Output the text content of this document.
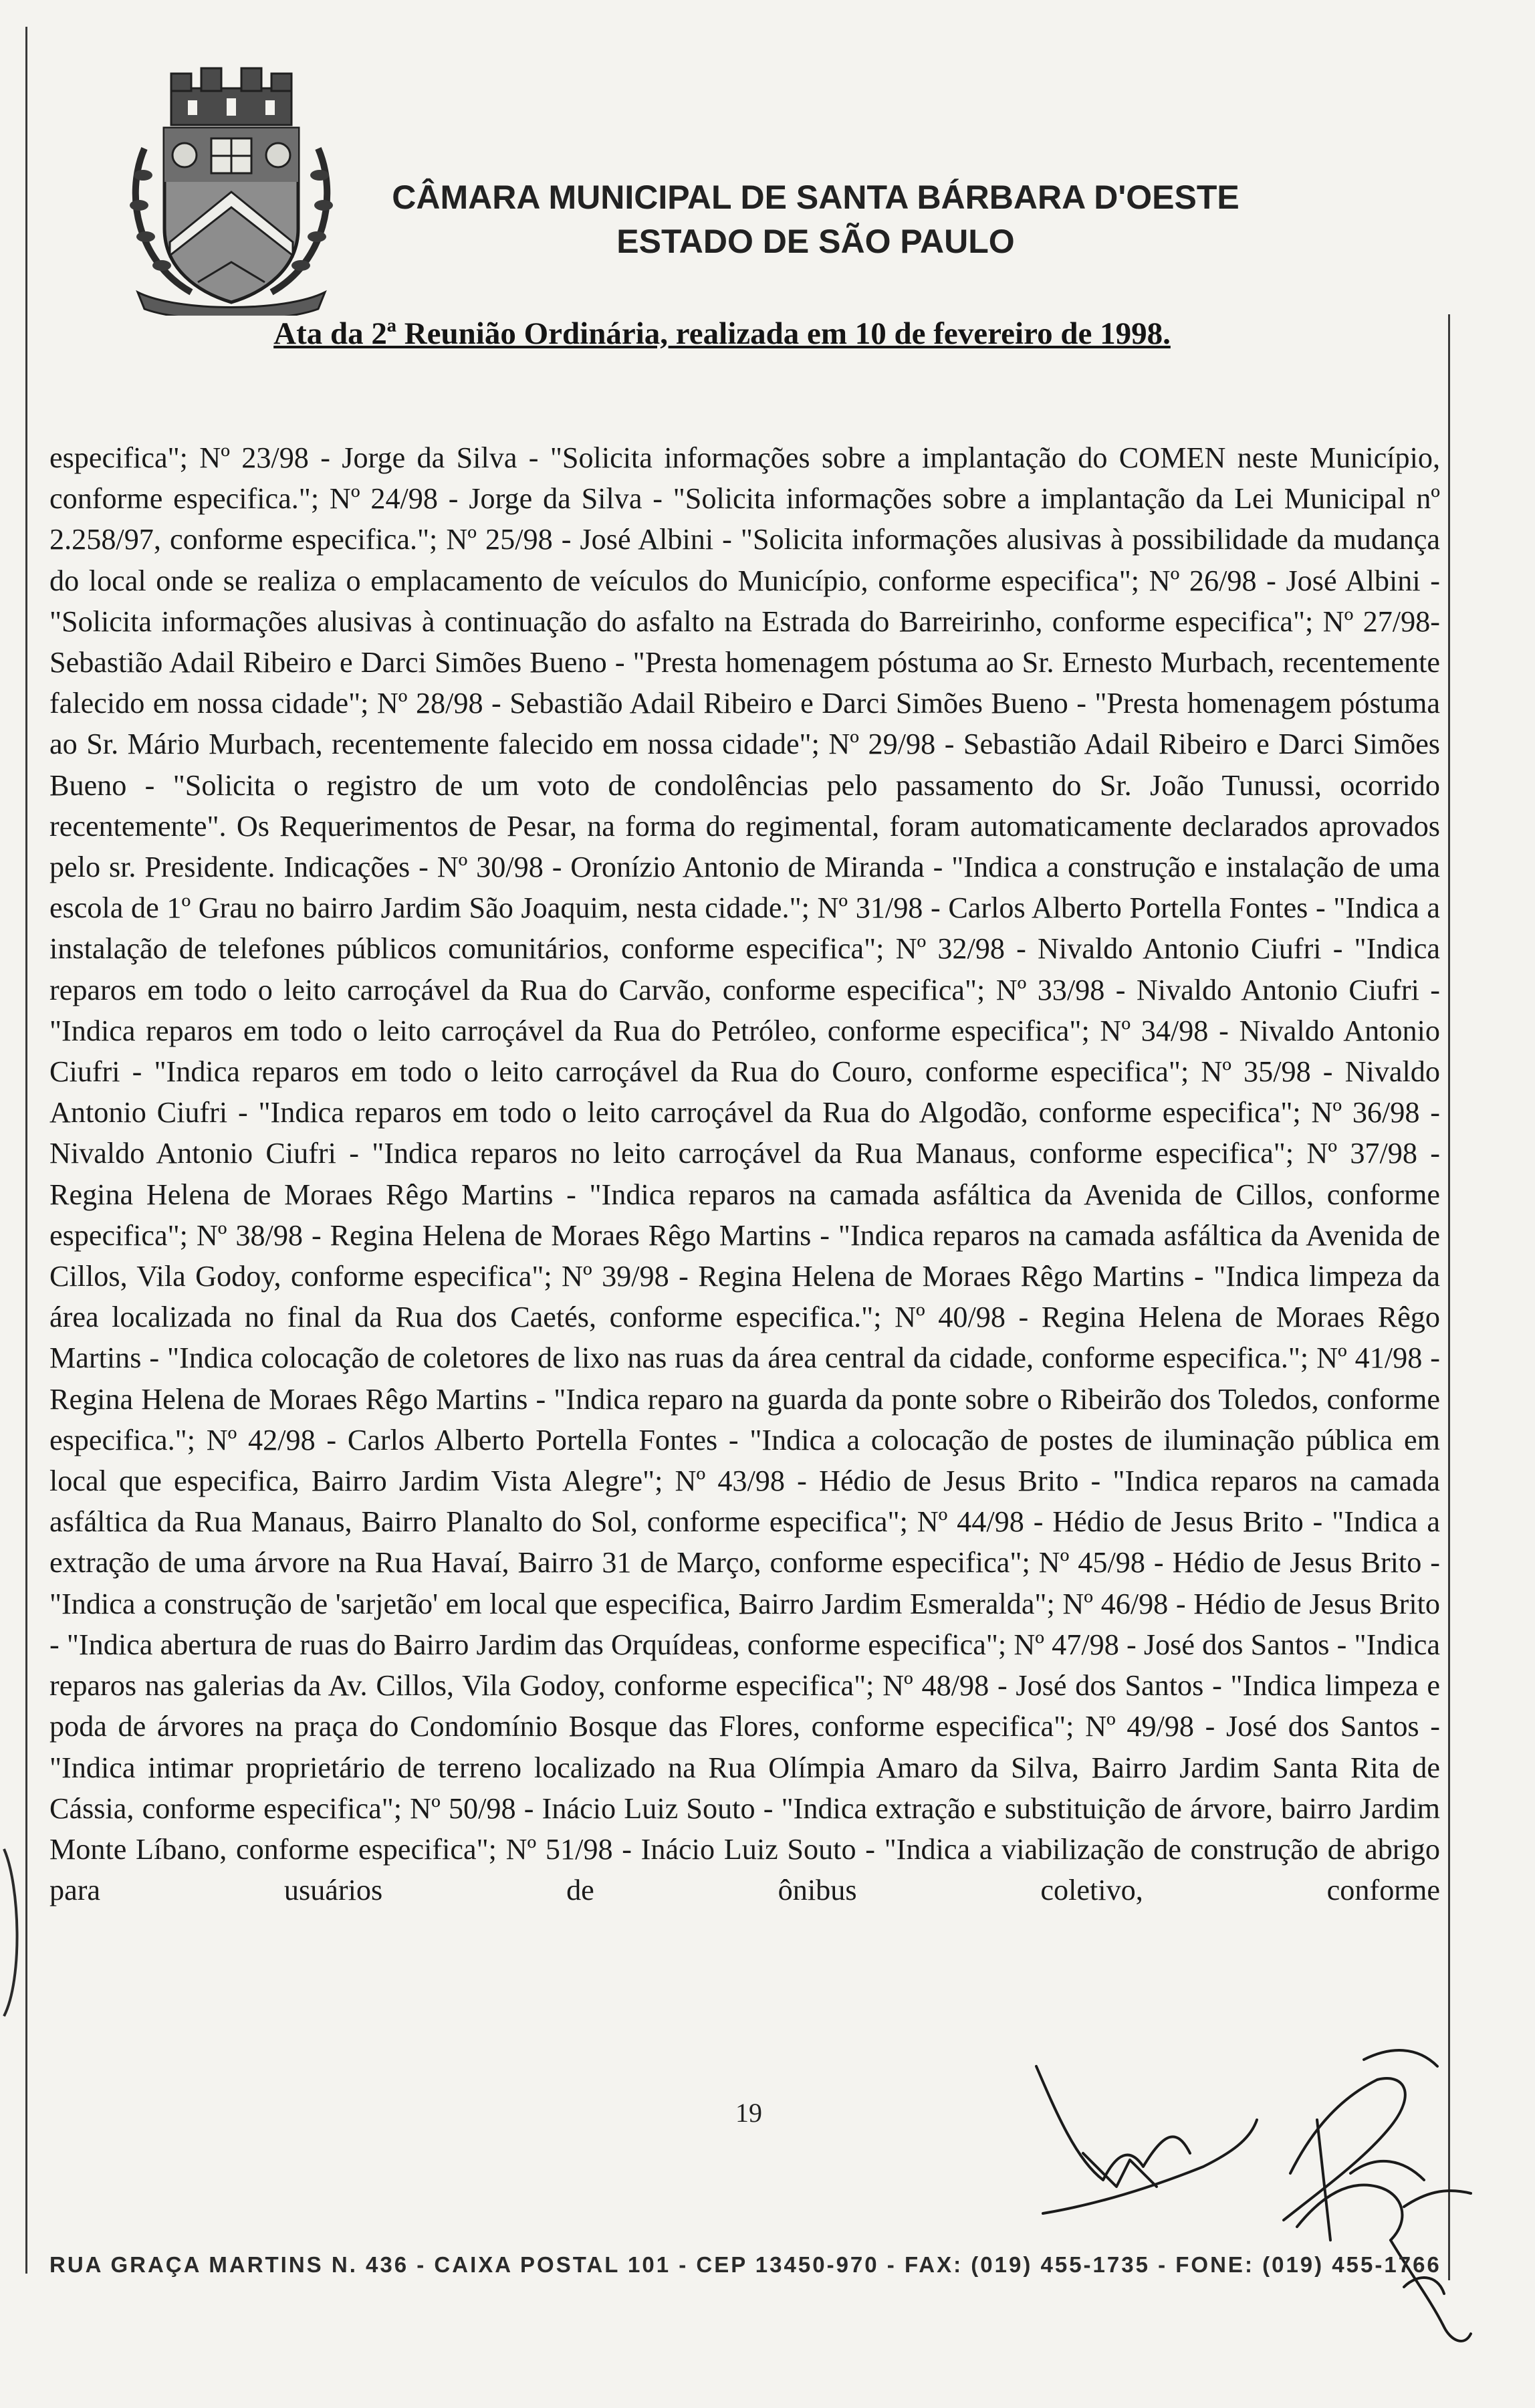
CÂMARA MUNICIPAL DE SANTA BÁRBARA D'OESTE
ESTADO DE SÃO PAULO
Ata da 2ª Reunião Ordinária, realizada em 10 de fevereiro de 1998.
especifica"; Nº 23/98 - Jorge da Silva - "Solicita informações sobre a implantação do COMEN neste Município, conforme especifica."; Nº 24/98 - Jorge da Silva - "Solicita informações sobre a implantação da Lei Municipal nº 2.258/97, conforme especifica."; Nº 25/98 - José Albini - "Solicita informações alusivas à possibilidade da mudança do local onde se realiza o emplacamento de veículos do Município, conforme especifica"; Nº 26/98 - José Albini - "Solicita informações alusivas à continuação do asfalto na Estrada do Barreirinho, conforme especifica"; Nº 27/98- Sebastião Adail Ribeiro e Darci Simões Bueno - "Presta homenagem póstuma ao Sr. Ernesto Murbach, recentemente falecido em nossa cidade"; Nº 28/98 - Sebastião Adail Ribeiro e Darci Simões Bueno - "Presta homenagem póstuma ao Sr. Mário Murbach, recentemente falecido em nossa cidade"; Nº 29/98 - Sebastião Adail Ribeiro e Darci Simões Bueno - "Solicita o registro de um voto de condolências pelo passamento do Sr. João Tunussi, ocorrido recentemente". Os Requerimentos de Pesar, na forma do regimental, foram automaticamente declarados aprovados pelo sr. Presidente. Indicações - Nº 30/98 - Oronízio Antonio de Miranda - "Indica a construção e instalação de uma escola de 1º Grau no bairro Jardim São Joaquim, nesta cidade."; Nº 31/98 - Carlos Alberto Portella Fontes - "Indica a instalação de telefones públicos comunitários, conforme especifica"; Nº 32/98 - Nivaldo Antonio Ciufri - "Indica reparos em todo o leito carroçável da Rua do Carvão, conforme especifica"; Nº 33/98 - Nivaldo Antonio Ciufri - "Indica reparos em todo o leito carroçável da Rua do Petróleo, conforme especifica"; Nº 34/98 - Nivaldo Antonio Ciufri - "Indica reparos em todo o leito carroçável da Rua do Couro, conforme especifica"; Nº 35/98 - Nivaldo Antonio Ciufri - "Indica reparos em todo o leito carroçável da Rua do Algodão, conforme especifica"; Nº 36/98 - Nivaldo Antonio Ciufri - "Indica reparos no leito carroçável da Rua Manaus, conforme especifica"; Nº 37/98 - Regina Helena de Moraes Rêgo Martins - "Indica reparos na camada asfáltica da Avenida de Cillos, conforme especifica"; Nº 38/98 - Regina Helena de Moraes Rêgo Martins - "Indica reparos na camada asfáltica da Avenida de Cillos, Vila Godoy, conforme especifica"; Nº 39/98 - Regina Helena de Moraes Rêgo Martins - "Indica limpeza da área localizada no final da Rua dos Caetés, conforme especifica."; Nº 40/98 - Regina Helena de Moraes Rêgo Martins - "Indica colocação de coletores de lixo nas ruas da área central da cidade, conforme especifica."; Nº 41/98 - Regina Helena de Moraes Rêgo Martins - "Indica reparo na guarda da ponte sobre o Ribeirão dos Toledos, conforme especifica."; Nº 42/98 - Carlos Alberto Portella Fontes - "Indica a colocação de postes de iluminação pública em local que especifica, Bairro Jardim Vista Alegre"; Nº 43/98 - Hédio de Jesus Brito - "Indica reparos na camada asfáltica da Rua Manaus, Bairro Planalto do Sol, conforme especifica"; Nº 44/98 - Hédio de Jesus Brito - "Indica a extração de uma árvore na Rua Havaí, Bairro 31 de Março, conforme especifica"; Nº 45/98 - Hédio de Jesus Brito - "Indica a construção de 'sarjetão' em local que especifica, Bairro Jardim Esmeralda"; Nº 46/98 - Hédio de Jesus Brito - "Indica abertura de ruas do Bairro Jardim das Orquídeas, conforme especifica"; Nº 47/98 - José dos Santos - "Indica reparos nas galerias da Av. Cillos, Vila Godoy, conforme especifica"; Nº 48/98 - José dos Santos - "Indica limpeza e poda de árvores na praça do Condomínio Bosque das Flores, conforme especifica"; Nº 49/98 - José dos Santos - "Indica intimar proprietário de terreno localizado na Rua Olímpia Amaro da Silva, Bairro Jardim Santa Rita de Cássia, conforme especifica"; Nº 50/98 - Inácio Luiz Souto - "Indica extração e substituição de árvore, bairro Jardim Monte Líbano, conforme especifica"; Nº 51/98 - Inácio Luiz Souto - "Indica a viabilização de construção de abrigo para usuários de ônibus coletivo, conforme
19
RUA GRAÇA MARTINS N. 436 - CAIXA POSTAL 101 - CEP 13450-970 - FAX: (019) 455-1735 - FONE: (019) 455-1766
